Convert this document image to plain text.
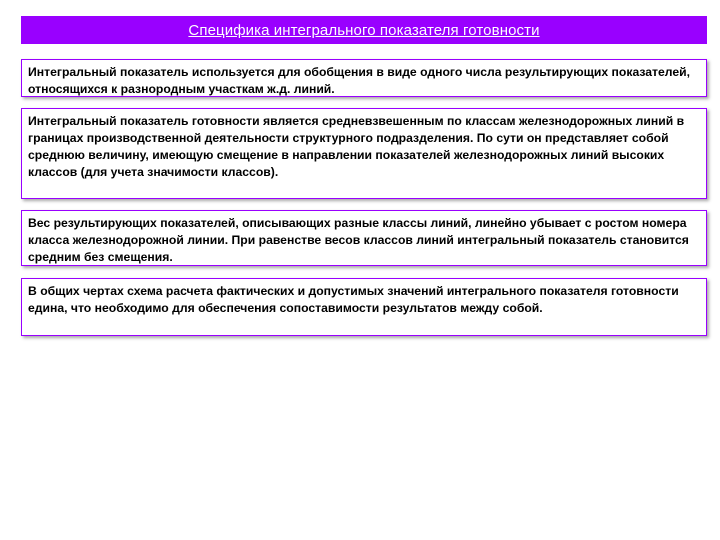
Специфика интегрального показателя готовности

Интегральный показатель используется для обобщения в виде одного числа результирующих показателей, относящихся к разнородным участкам ж.д. линий.

Интегральный показатель готовности является средневзвешенным по классам железнодорожных линий в границах производственной деятельности структурного подразделения. По сути он представляет собой среднюю величину, имеющую смещение в направлении показателей железнодорожных линий высоких классов (для учета значимости классов).

Вес результирующих показателей, описывающих разные классы линий, линейно убывает с ростом номера класса железнодорожной линии. При равенстве весов классов линий интегральный показатель становится средним без смещения.

В общих чертах схема расчета фактических и допустимых значений интегрального показателя готовности едина, что необходимо для обеспечения сопоставимости результатов между собой.
